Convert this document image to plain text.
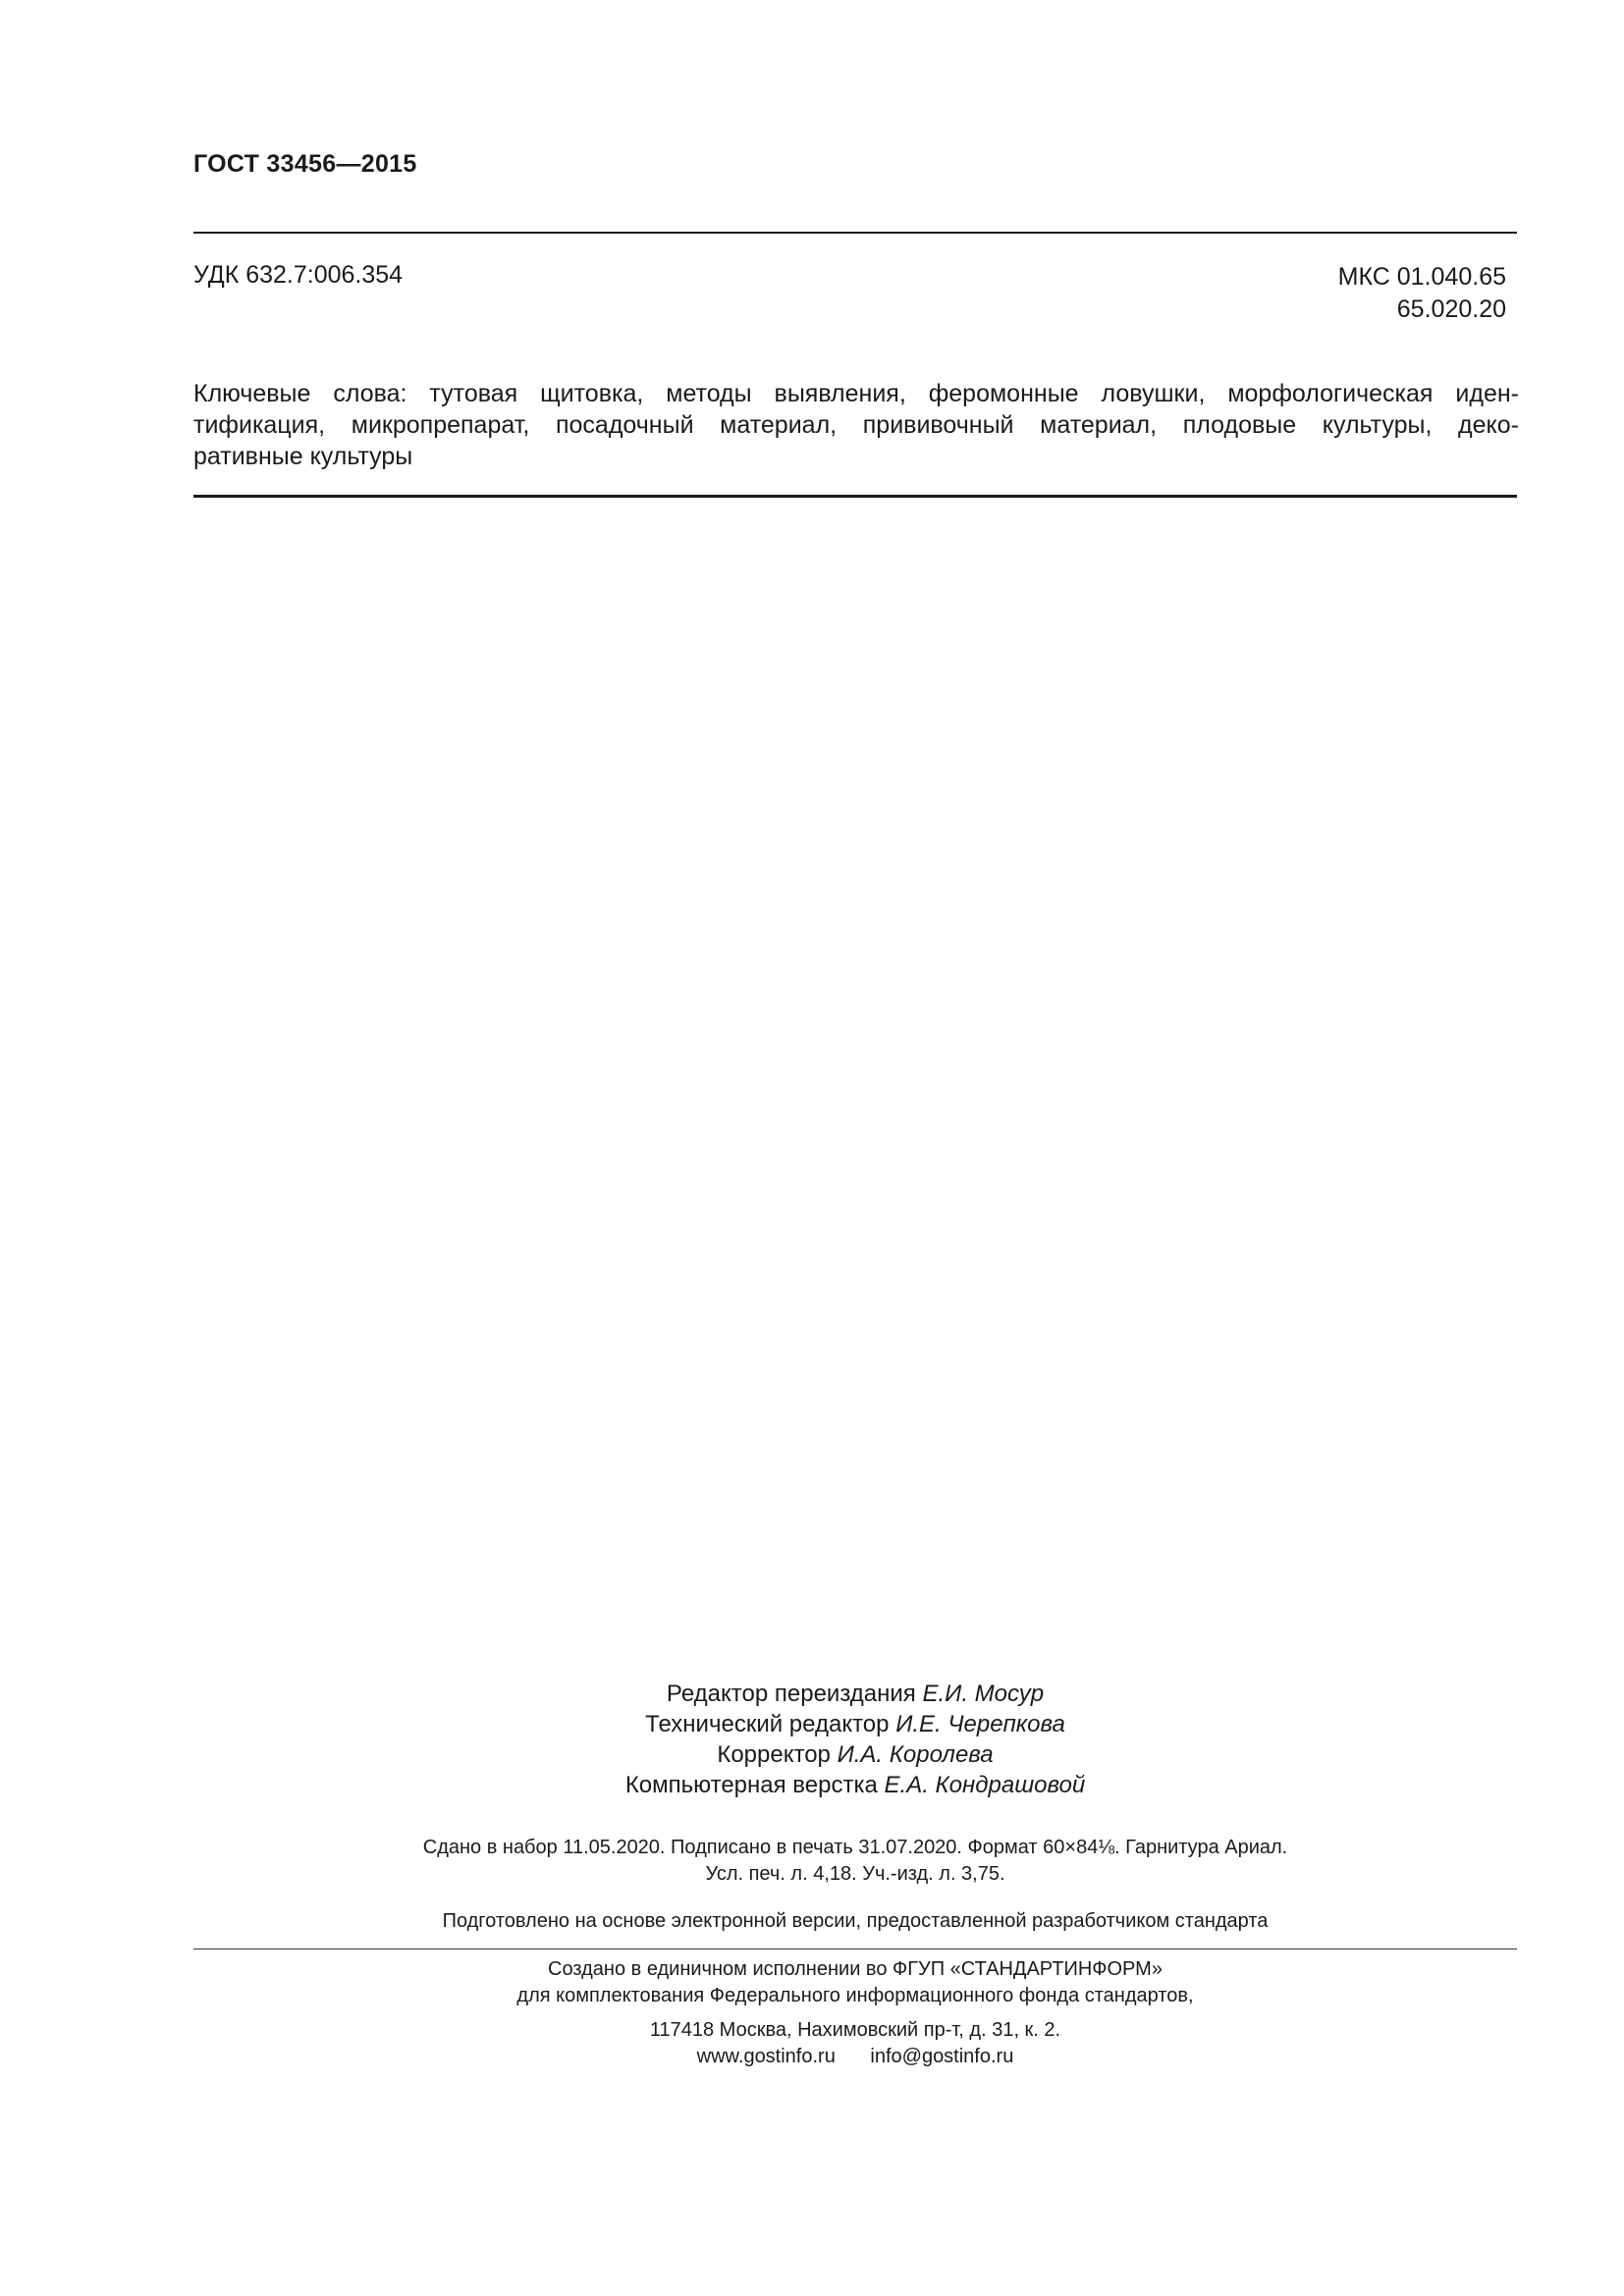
ГОСТ 33456—2015
УДК 632.7:006.354	МКС 01.040.65
65.020.20
Ключевые слова: тутовая щитовка, методы выявления, феромонные ловушки, морфологическая иден-
тификация, микропрепарат, посадочный материал, прививочный материал, плодовые культуры, деко-
ративные культуры
Редактор переиздания Е.И. Мосур
Технический редактор И.Е. Черепкова
Корректор И.А. Королева
Компьютерная верстка Е.А. Кондрашовой
Сдано в набор 11.05.2020. Подписано в печать 31.07.2020. Формат 60×84⅛. Гарнитура Ариал.
Усл. печ. л. 4,18. Уч.-изд. л. 3,75.
Подготовлено на основе электронной версии, предоставленной разработчиком стандарта
Создано в единичном исполнении во ФГУП «СТАНДАРТИНФОРМ»
для комплектования Федерального информационного фонда стандартов,
117418 Москва, Нахимовский пр-т, д. 31, к. 2.
www.gostinfo.ru info@gostinfo.ru
